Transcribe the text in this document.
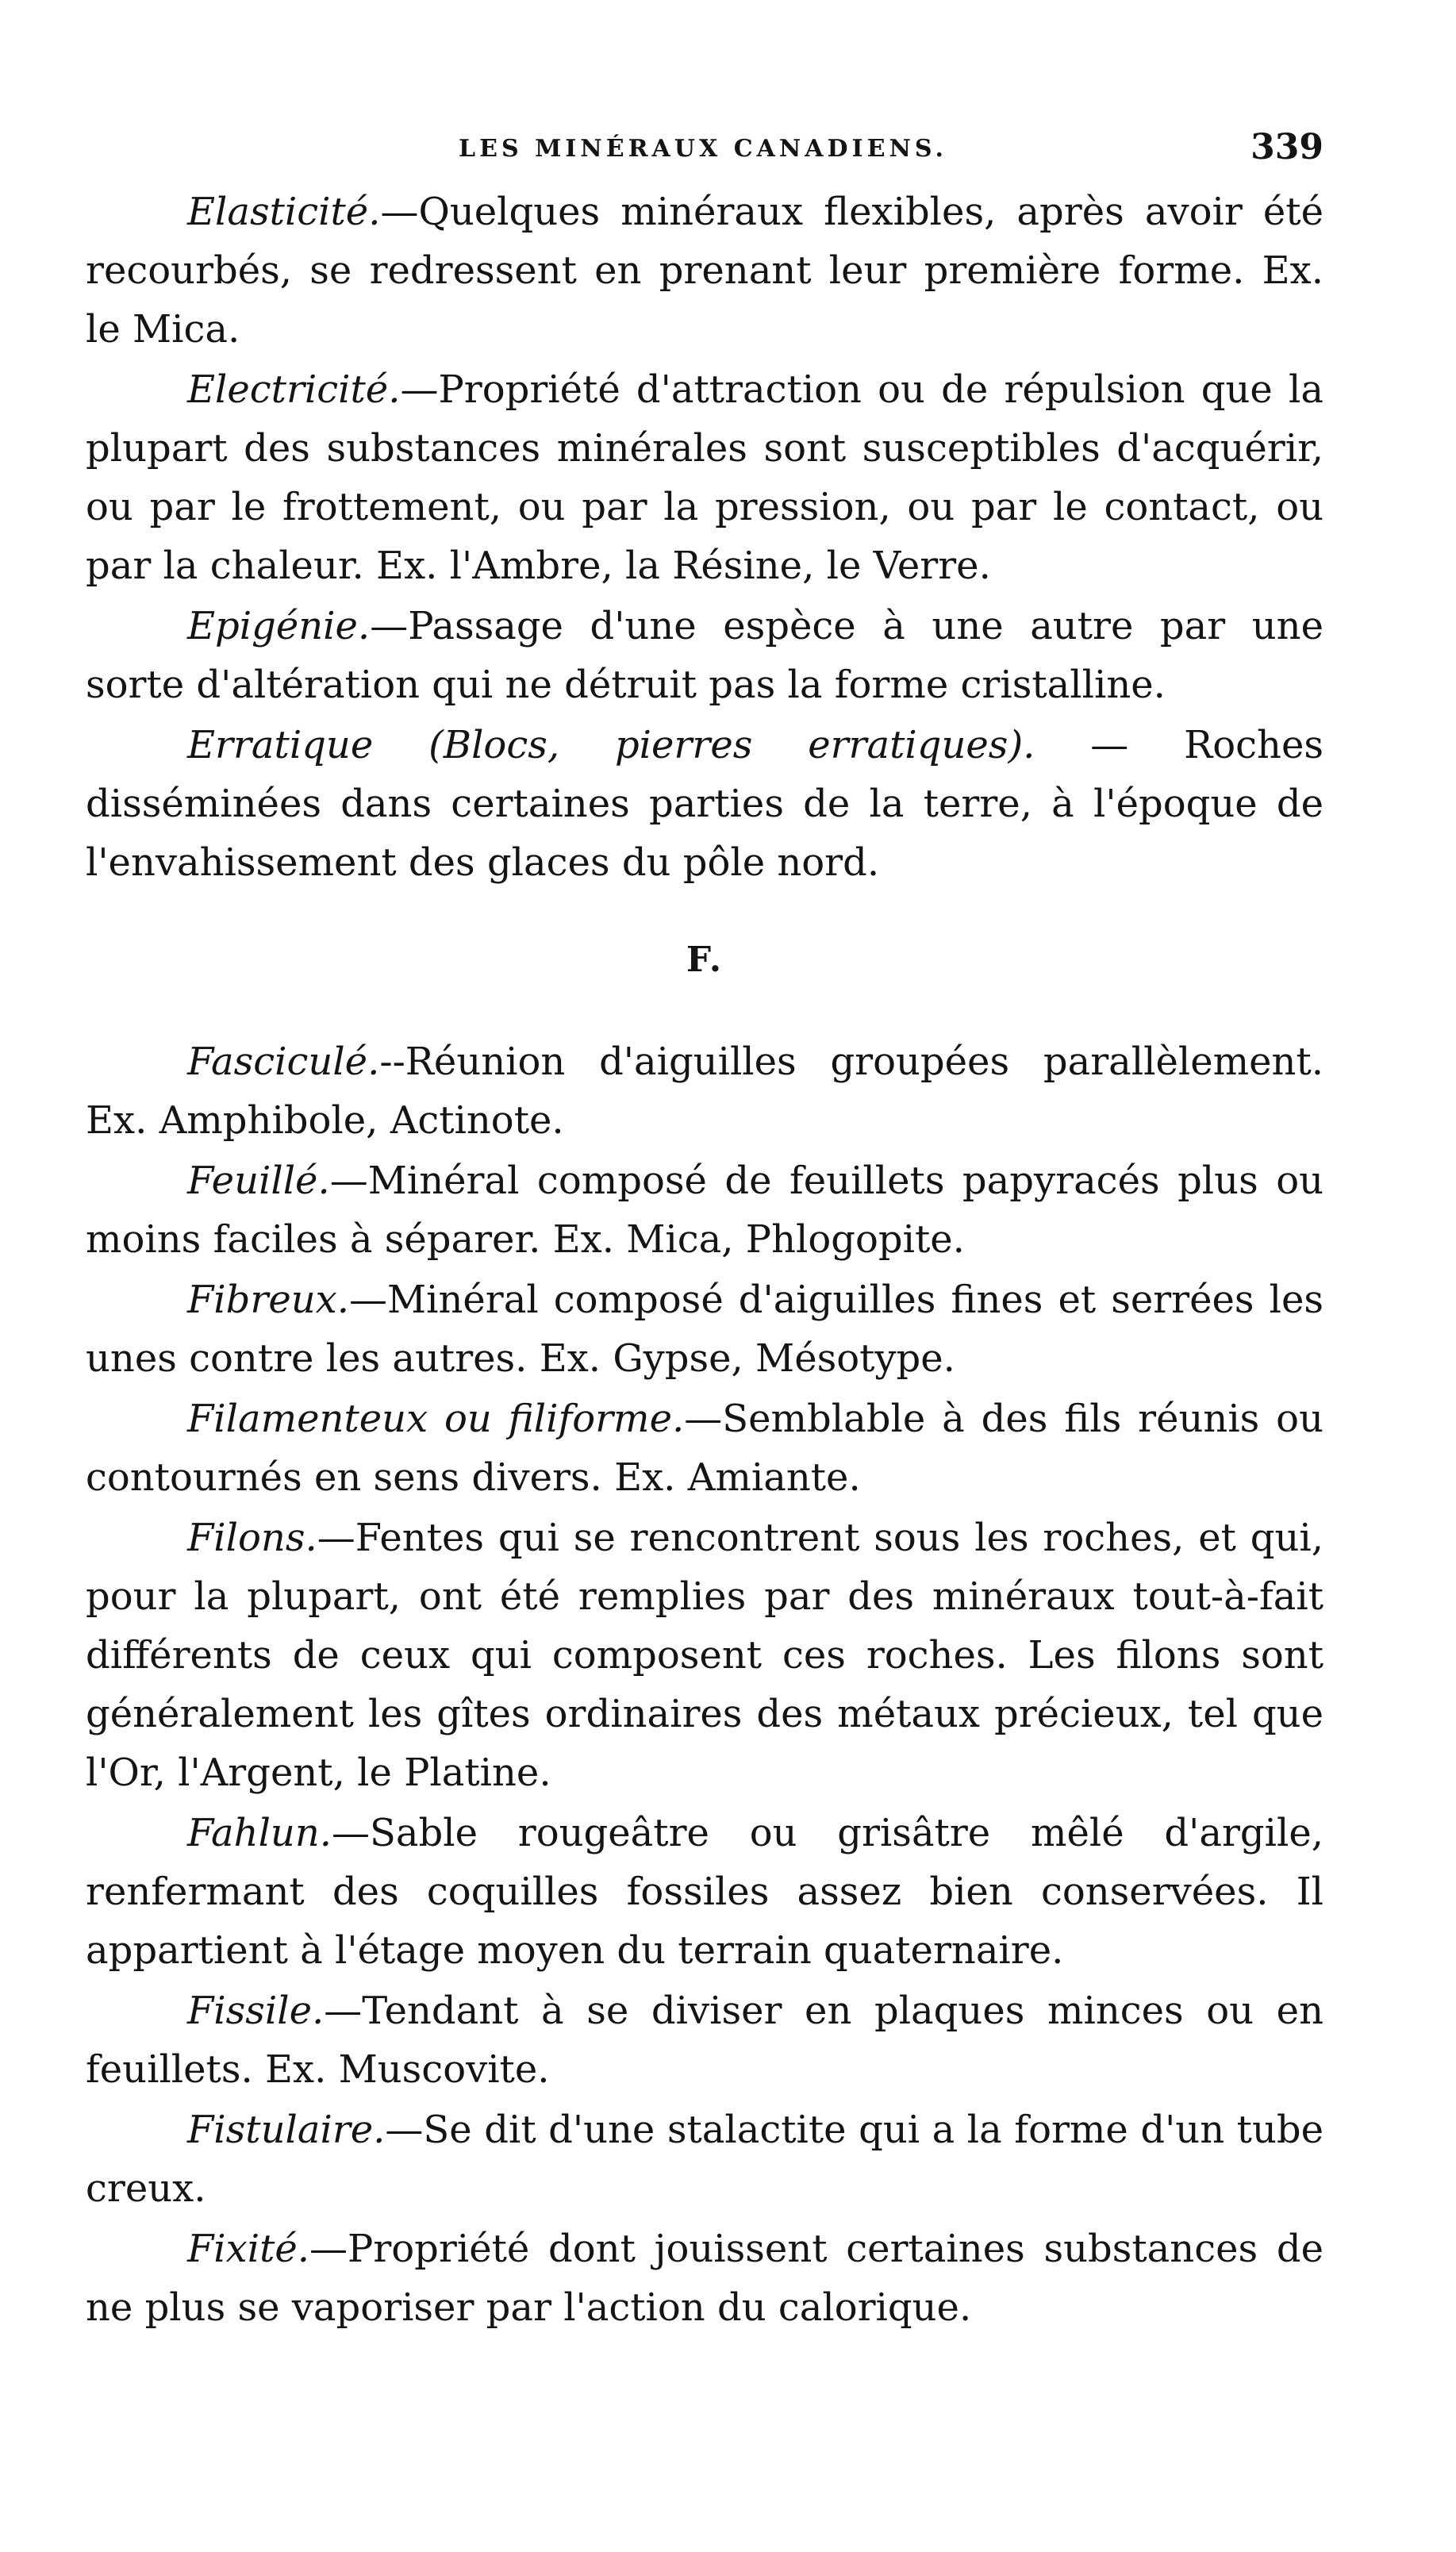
LES MINÉRAUX CANADIENS.	339

Elasticité.—Quelques minéraux flexibles, après avoir été recourbés, se redressent en prenant leur première forme. Ex. le Mica.

Electricité.—Propriété d'attraction ou de répulsion que la plupart des substances minérales sont susceptibles d'acquérir, ou par le frottement, ou par la pression, ou par le contact, ou par la chaleur. Ex. l'Ambre, la Résine, le Verre.

Epigénie.—Passage d'une espèce à une autre par une sorte d'altération qui ne détruit pas la forme cristalline.

Erratique (Blocs, pierres erratiques). — Roches disséminées dans certaines parties de la terre, à l'époque de l'envahissement des glaces du pôle nord.

F.

Fasciculé.--Réunion d'aiguilles groupées parallèlement. Ex. Amphibole, Actinote.

Feuillé.—Minéral composé de feuillets papyracés plus ou moins faciles à séparer. Ex. Mica, Phlogopite.

Fibreux.—Minéral composé d'aiguilles fines et serrées les unes contre les autres. Ex. Gypse, Mésotype.

Filamenteux ou filiforme.—Semblable à des fils réunis ou contournés en sens divers. Ex. Amiante.

Filons.—Fentes qui se rencontrent sous les roches, et qui, pour la plupart, ont été remplies par des minéraux tout-à-fait différents de ceux qui composent ces roches. Les filons sont généralement les gîtes ordinaires des métaux précieux, tel que l'Or, l'Argent, le Platine.

Fahlun.—Sable rougeâtre ou grisâtre mêlé d'argile, renfermant des coquilles fossiles assez bien conservées. Il appartient à l'étage moyen du terrain quaternaire.

Fissile.—Tendant à se diviser en plaques minces ou en feuillets. Ex. Muscovite.

Fistulaire.—Se dit d'une stalactite qui a la forme d'un tube creux.

Fixité.—Propriété dont jouissent certaines substances de ne plus se vaporiser par l'action du calorique.
